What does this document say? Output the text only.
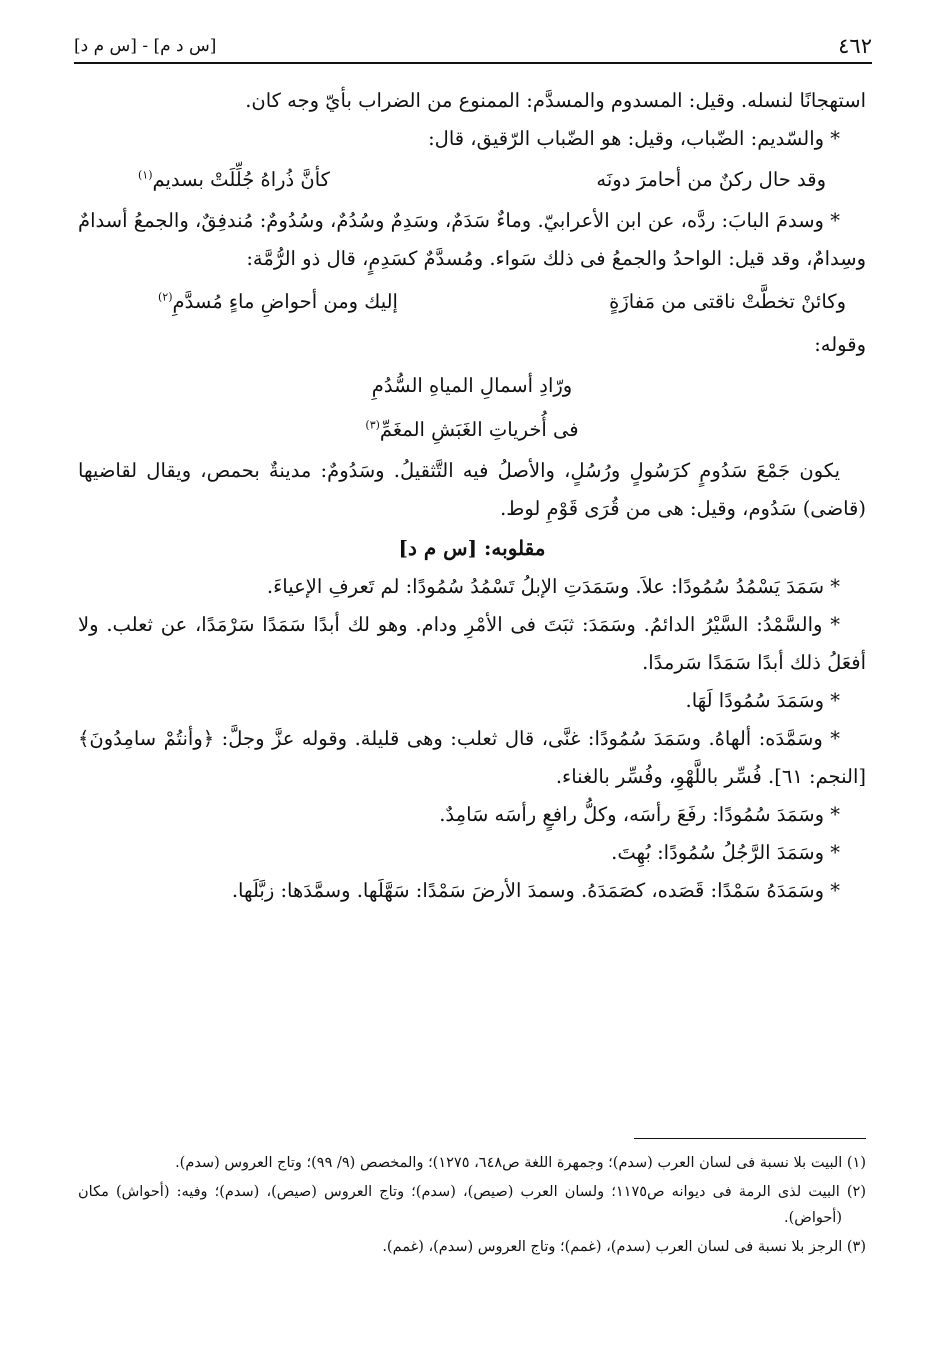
٤٦٢
[س د م] - [س م د]

استهجانًا لنسله. وقيل: المسدوم والمسدَّم: الممنوع من الضراب بأيّ وجه كان.

* والسّديم: الضّباب، وقيل: هو الضّباب الرّقيق، قال:

وقد حال ركنٌ من أحامرَ دونَه
كأنَّ ذُراهُ جُلِّلَتْ بسديم$^{(١)}$

* وسدمَ البابَ: ردَّه، عن ابن الأعرابيّ. وماءٌ سَدَمٌ، وسَدِمٌ وسُدُمٌ، وسُدُومٌ: مُندفِقٌ، والجمعُ أسدامٌ وسِدامٌ، وقد قيل: الواحدُ والجمعُ فى ذلك سَواء. ومُسدَّمٌ كسَدِمٍ، قال ذو الرُّمَّة:

وكائنْ تخطَّتْ ناقتى من مَفازَةٍ
إليك ومن أحواضِ ماءٍ مُسدَّمِ$^{(٢)}$

وقوله:

ورّادِ أسمالِ المياهِ السُّدُمِ
فى أُخرياتِ الغَبَشِ المغَمِّ$^{(٣)}$

يكون جَمْعَ سَدُومٍ كرَسُولٍ ورُسُلٍ، والأصلُ فيه التَّثقيلُ. وسَدُومٌ: مدينةٌ بحمص، ويقال لقاضيها (قاضى) سَدُوم، وقيل: هى من قُرَى قَوْمِ لوط.

مقلوبه: [س م د]

* سَمَدَ يَسْمُدُ سُمُودًا: علاَ. وسَمَدَتِ الإبلُ تَسْمُدُ سُمُودًا: لم تَعرفِ الإعياءَ.

* والسَّمْدُ: السَّيْرُ الدائمُ. وسَمَدَ: ثبَتَ فى الأمْرِ ودام. وهو لك أبدًا سَمَدًا سَرْمَدًا، عن ثعلب. ولا أفعَلُ ذلك أبدًا سَمَدًا سَرمدًا.

* وسَمَدَ سُمُودًا لَهَا.

* وسَمَّدَه: ألهاهُ. وسَمَدَ سُمُودًا: غنَّى، قال ثعلب: وهى قليلة. وقوله عزَّ وجلَّ: ﴿وأنتُمْ سامِدُونَ﴾ [النجم: ٦١]. فُسِّر باللَّهْوِ، وفُسِّر بالغناء.

* وسَمَدَ سُمُودًا: رفَعَ رأسَه، وكلُّ رافعٍ رأسَه سَامِدٌ.

* وسَمَدَ الرَّجُلُ سُمُودًا: بُهِتَ.

* وسَمَدَهُ سَمْدًا: قَصَده، كصَمَدَهُ. وسمدَ الأرضَ سَمْدًا: سَهَّلَها. وسمَّدَها: زبَّلَها.

(١) البيت بلا نسبة فى لسان العرب (سدم)؛ وجمهرة اللغة ص٦٤٨، ١٢٧٥)؛ والمخصص (٩/ ٩٩)؛ وتاج العروس (سدم).

(٢) البيت لذى الرمة فى ديوانه ص١١٧٥؛ ولسان العرب (صيص)، (سدم)؛ وتاج العروس (صيص)، (سدم)؛ وفيه: (أحواش) مكان (أحواض).

(٣) الرجز بلا نسبة فى لسان العرب (سدم)، (غمم)؛ وتاج العروس (سدم)، (غمم).
